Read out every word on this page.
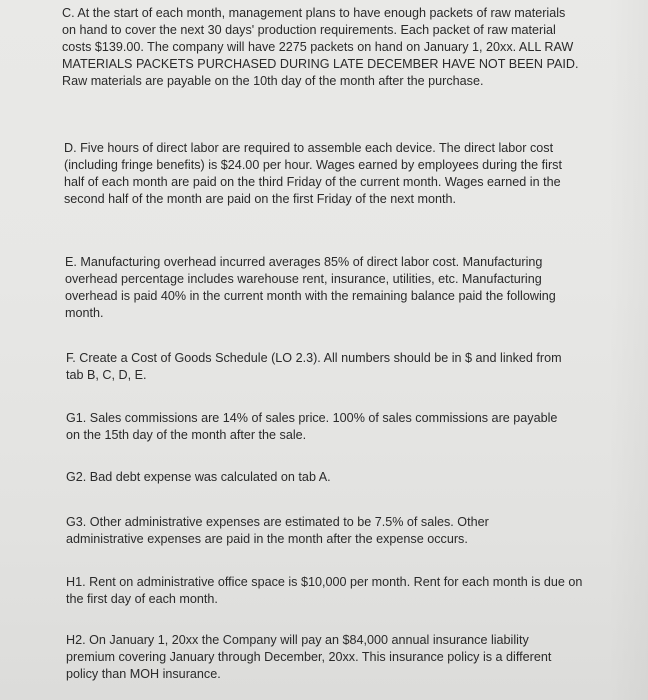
C. At the start of each month, management plans to have enough packets of raw materials on hand to cover the next 30 days' production requirements. Each packet of raw material costs $139.00. The company will have 2275 packets on hand on January 1, 20xx. ALL RAW MATERIALS PACKETS PURCHASED DURING LATE DECEMBER HAVE NOT BEEN PAID. Raw materials are payable on the 10th day of the month after the purchase.

D. Five hours of direct labor are required to assemble each device. The direct labor cost (including fringe benefits) is $24.00 per hour. Wages earned by employees during the first half of each month are paid on the third Friday of the current month. Wages earned in the second half of the month are paid on the first Friday of the next month.

E. Manufacturing overhead incurred averages 85% of direct labor cost. Manufacturing overhead percentage includes warehouse rent, insurance, utilities, etc. Manufacturing overhead is paid 40% in the current month with the remaining balance paid the following month.

F. Create a Cost of Goods Schedule (LO 2.3). All numbers should be in $ and linked from tab B, C, D, E.

G1. Sales commissions are 14% of sales price. 100% of sales commissions are payable on the 15th day of the month after the sale.

G2. Bad debt expense was calculated on tab A.

G3. Other administrative expenses are estimated to be 7.5% of sales. Other administrative expenses are paid in the month after the expense occurs.

H1. Rent on administrative office space is $10,000 per month. Rent for each month is due on the first day of each month.

H2. On January 1, 20xx the Company will pay an $84,000 annual insurance liability premium covering January through December, 20xx. This insurance policy is a different policy than MOH insurance.
